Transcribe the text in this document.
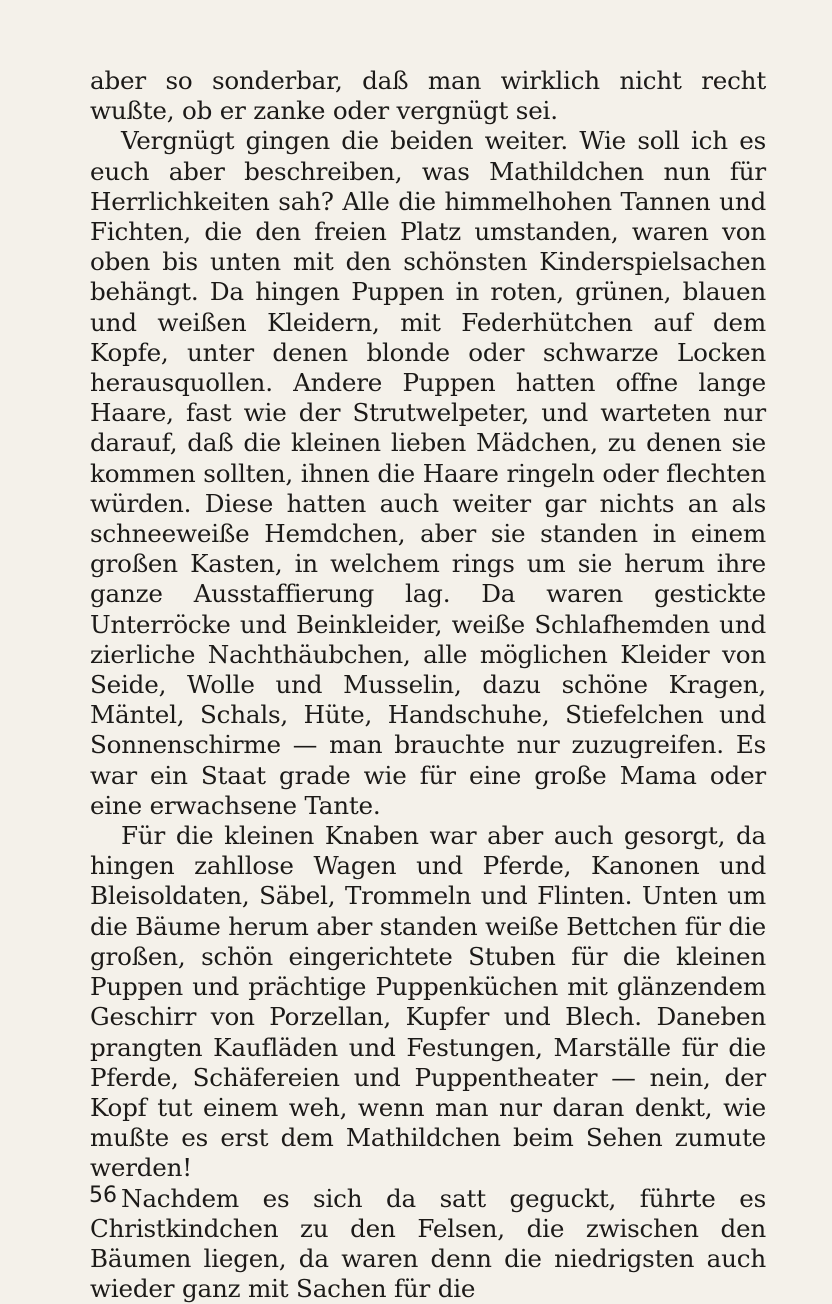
aber so sonderbar, daß man wirklich nicht recht wußte, ob er zanke oder vergnügt sei.

Vergnügt gingen die beiden weiter. Wie soll ich es euch aber beschreiben, was Mathildchen nun für Herrlichkeiten sah? Alle die himmelhohen Tannen und Fichten, die den freien Platz umstanden, waren von oben bis unten mit den schönsten Kinderspielsachen behängt. Da hingen Puppen in roten, grünen, blauen und weißen Kleidern, mit Federhütchen auf dem Kopfe, unter denen blonde oder schwarze Locken herausquollen. Andere Puppen hatten offne lange Haare, fast wie der Strutwelpeter, und warteten nur darauf, daß die kleinen lieben Mädchen, zu denen sie kommen sollten, ihnen die Haare ringeln oder flechten würden. Diese hatten auch weiter gar nichts an als schneeweiße Hemdchen, aber sie standen in einem großen Kasten, in welchem rings um sie herum ihre ganze Ausstaffierung lag. Da waren gestickte Unterröcke und Beinkleider, weiße Schlafhemden und zierliche Nachthäubchen, alle möglichen Kleider von Seide, Wolle und Musselin, dazu schöne Kragen, Mäntel, Schals, Hüte, Handschuhe, Stiefelchen und Sonnenschirme — man brauchte nur zuzugreifen. Es war ein Staat grade wie für eine große Mama oder eine erwachsene Tante.

Für die kleinen Knaben war aber auch gesorgt, da hingen zahllose Wagen und Pferde, Kanonen und Bleisoldaten, Säbel, Trommeln und Flinten. Unten um die Bäume herum aber standen weiße Bettchen für die großen, schön eingerichtete Stuben für die kleinen Puppen und prächtige Puppenküchen mit glänzendem Geschirr von Porzellan, Kupfer und Blech. Daneben prangten Kaufläden und Festungen, Marställe für die Pferde, Schäfereien und Puppentheater — nein, der Kopf tut einem weh, wenn man nur daran denkt, wie mußte es erst dem Mathildchen beim Sehen zumute werden!

Nachdem es sich da satt geguckt, führte es Christkindchen zu den Felsen, die zwischen den Bäumen liegen, da waren denn die niedrigsten auch wieder ganz mit Sachen für die

56
